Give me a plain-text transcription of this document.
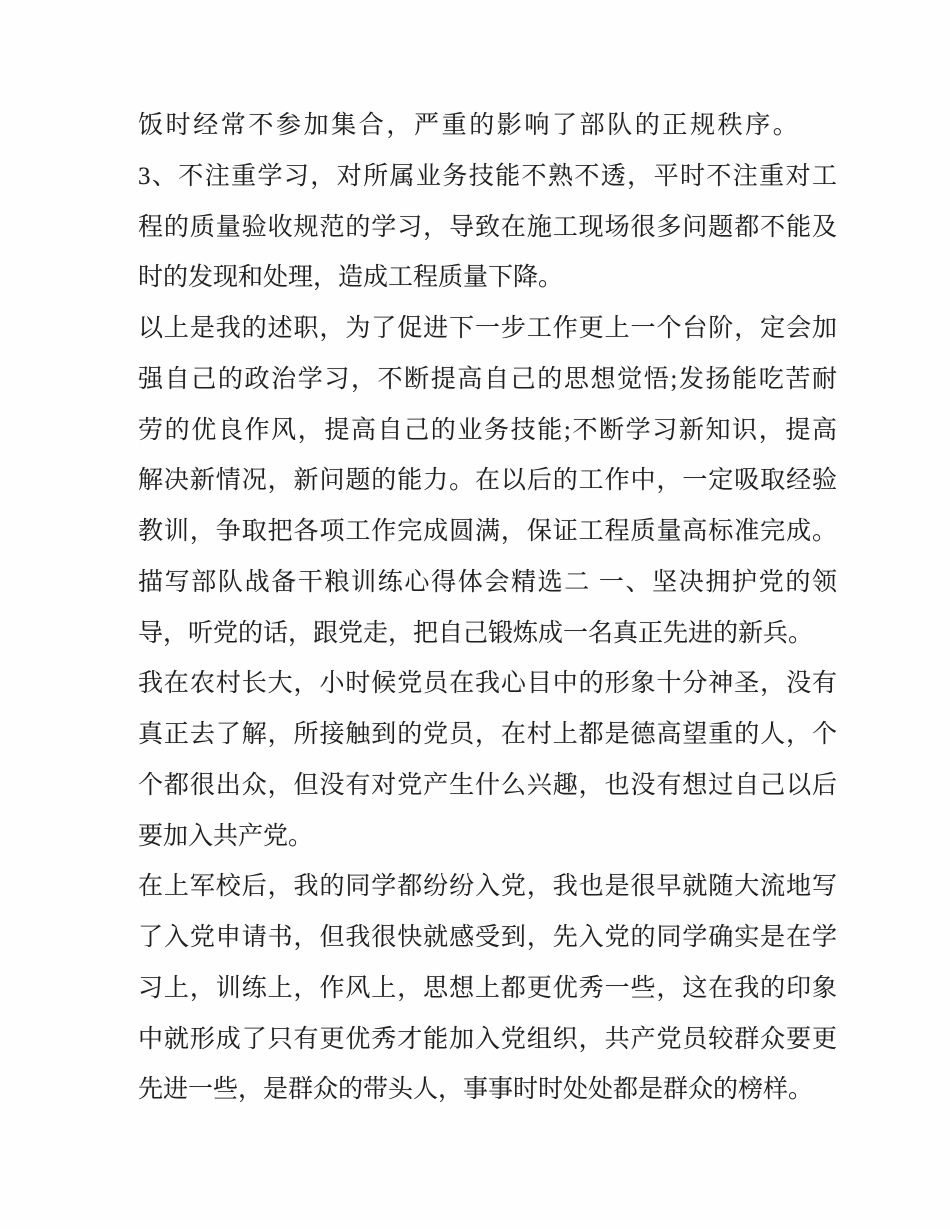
饭时经常不参加集合，严重的影响了部队的正规秩序。
3、不注重学习，对所属业务技能不熟不透，平时不注重对工
程的质量验收规范的学习，导致在施工现场很多问题都不能及
时的发现和处理，造成工程质量下降。
以上是我的述职，为了促进下一步工作更上一个台阶，定会加
强自己的政治学习，不断提高自己的思想觉悟;发扬能吃苦耐
劳的优良作风，提高自己的业务技能;不断学习新知识，提高
解决新情况，新问题的能力。在以后的工作中，一定吸取经验
教训，争取把各项工作完成圆满，保证工程质量高标准完成。
描写部队战备干粮训练心得体会精选二 一、坚决拥护党的领
导，听党的话，跟党走，把自己锻炼成一名真正先进的新兵。
我在农村长大，小时候党员在我心目中的形象十分神圣，没有
真正去了解，所接触到的党员，在村上都是德高望重的人，个
个都很出众，但没有对党产生什么兴趣，也没有想过自己以后
要加入共产党。
在上军校后，我的同学都纷纷入党，我也是很早就随大流地写
了入党申请书，但我很快就感受到，先入党的同学确实是在学
习上，训练上，作风上，思想上都更优秀一些，这在我的印象
中就形成了只有更优秀才能加入党组织，共产党员较群众要更
先进一些，是群众的带头人，事事时时处处都是群众的榜样。
